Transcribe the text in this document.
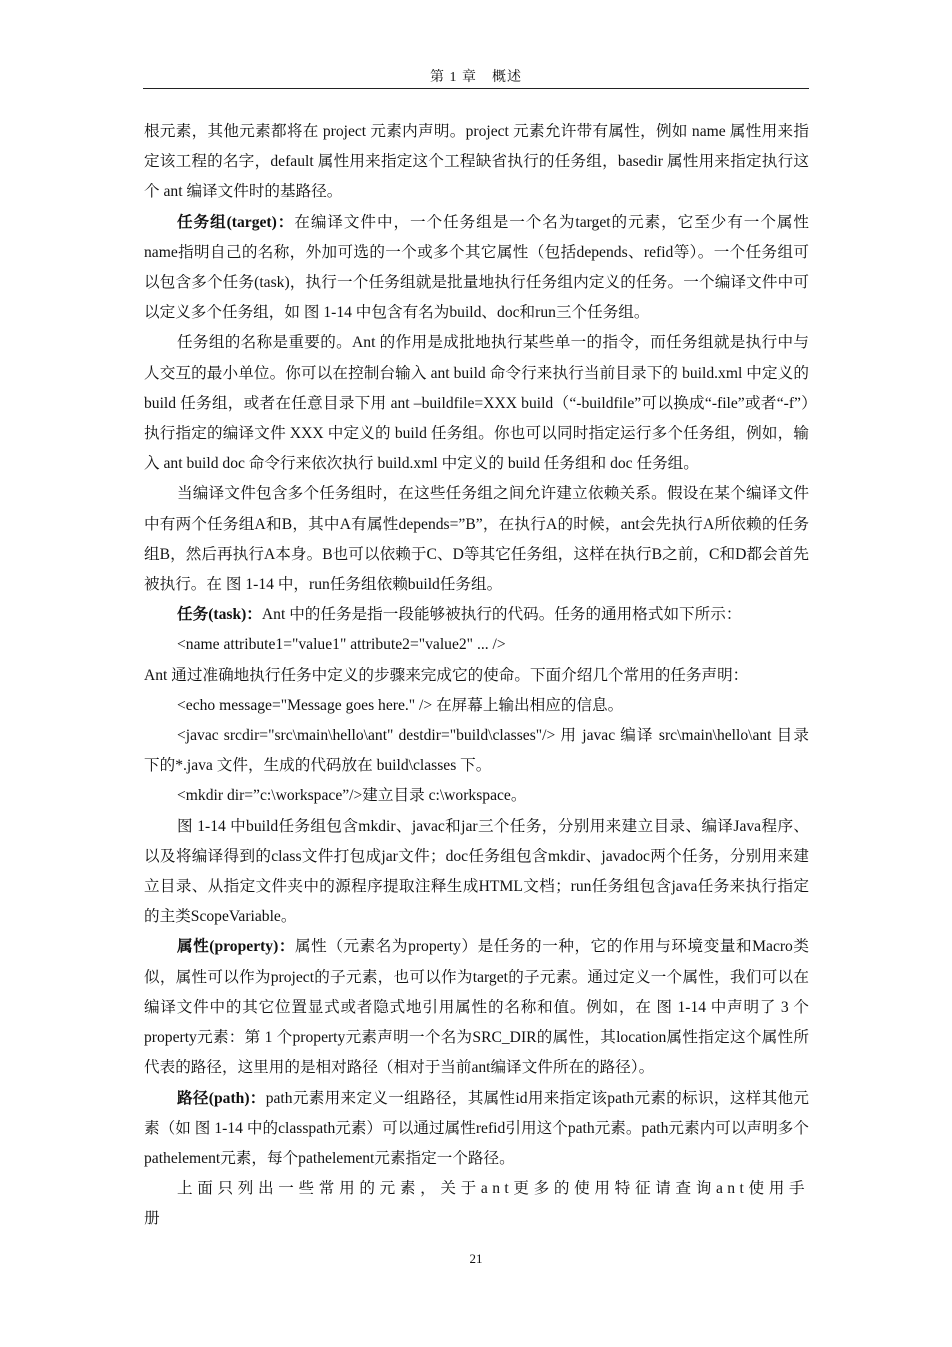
第 1 章　概述

根元素，其他元素都将在 project 元素内声明。project 元素允许带有属性，例如 name 属性用来指定该工程的名字，default 属性用来指定这个工程缺省执行的任务组，basedir 属性用来指定执行这个 ant 编译文件时的基路径。

任务组(target)：在编译文件中，一个任务组是一个名为target的元素，它至少有一个属性name指明自己的名称，外加可选的一个或多个其它属性（包括depends、refid等）。一个任务组可以包含多个任务(task)，执行一个任务组就是批量地执行任务组内定义的任务。一个编译文件中可以定义多个任务组，如 图 1-14 中包含有名为build、doc和run三个任务组。

任务组的名称是重要的。Ant 的作用是成批地执行某些单一的指令，而任务组就是执行中与人交互的最小单位。你可以在控制台输入 ant build 命令行来执行当前目录下的 build.xml 中定义的 build 任务组，或者在任意目录下用 ant –buildfile=XXX build（“-buildfile”可以换成“-file”或者“-f”）执行指定的编译文件 XXX 中定义的 build 任务组。你也可以同时指定运行多个任务组，例如，输入 ant build doc 命令行来依次执行 build.xml 中定义的 build 任务组和 doc 任务组。

当编译文件包含多个任务组时，在这些任务组之间允许建立依赖关系。假设在某个编译文件中有两个任务组A和B，其中A有属性depends=”B”，在执行A的时候，ant会先执行A所依赖的任务组B，然后再执行A本身。B也可以依赖于C、D等其它任务组，这样在执行B之前，C和D都会首先被执行。在 图 1-14 中，run任务组依赖build任务组。

任务(task)：Ant 中的任务是指一段能够被执行的代码。任务的通用格式如下所示：

<name attribute1="value1" attribute2="value2" ... />

Ant 通过准确地执行任务中定义的步骤来完成它的使命。下面介绍几个常用的任务声明：

<echo message="Message goes here." /> 在屏幕上输出相应的信息。

<javac srcdir="src\main\hello\ant" destdir="build\classes"/> 用 javac 编译 src\main\hello\ant 目录下的*.java 文件，生成的代码放在 build\classes 下。

<mkdir dir=”c:\workspace”/>建立目录 c:\workspace。

图 1-14 中build任务组包含mkdir、javac和jar三个任务，分别用来建立目录、编译Java程序、以及将编译得到的class文件打包成jar文件；doc任务组包含mkdir、javadoc两个任务，分别用来建立目录、从指定文件夹中的源程序提取注释生成HTML文档；run任务组包含java任务来执行指定的主类ScopeVariable。

属性(property)：属性（元素名为property）是任务的一种，它的作用与环境变量和Macro类似，属性可以作为project的子元素，也可以作为target的子元素。通过定义一个属性，我们可以在编译文件中的其它位置显式或者隐式地引用属性的名称和值。例如，在 图 1-14 中声明了 3 个property元素：第 1 个property元素声明一个名为SRC_DIR的属性，其location属性指定这个属性所代表的路径，这里用的是相对路径（相对于当前ant编译文件所在的路径）。

路径(path)：path元素用来定义一组路径，其属性id用来指定该path元素的标识，这样其他元素（如 图 1-14 中的classpath元素）可以通过属性refid引用这个path元素。path元素内可以声明多个pathelement元素，每个pathelement元素指定一个路径。

上面只列出一些常用的元素，关于ant更多的使用特征请查询ant使用手册

21
